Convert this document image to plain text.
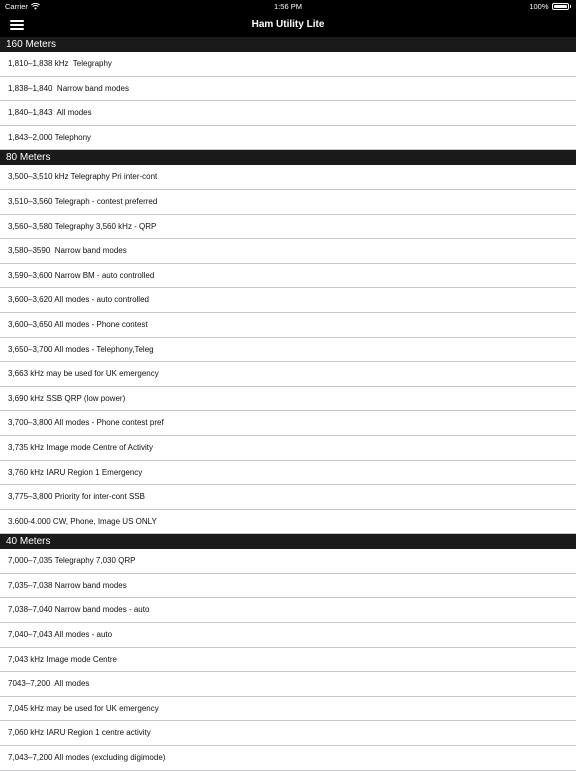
Carrier	1:56 PM	100%
Ham Utility Lite
160 Meters
1,810–1,838 kHz  Telegraphy
1,838–1,840  Narrow band modes
1,840–1,843  All modes
1,843–2,000 Telephony
80 Meters
3,500–3,510 kHz Telegraphy Pri inter-cont
3,510–3,560 Telegraph - contest preferred
3,560–3,580 Telegraphy 3,560 kHz - QRP
3,580–3590  Narrow band modes
3,590–3,600 Narrow BM - auto controlled
3,600–3,620 All modes - auto controlled
3,600–3,650 All modes - Phone contest
3,650–3,700 All modes - Telephony,Teleg
3,663 kHz may be used for UK emergency
3,690 kHz SSB QRP (low power)
3,700–3,800 All modes - Phone contest pref
3,735 kHz Image mode Centre of Activity
3,760 kHz IARU Region 1 Emergency
3,775–3,800 Priority for inter-cont SSB
3.600-4.000 CW, Phone, Image US ONLY
40 Meters
7,000–7,035 Telegraphy 7,030 QRP
7,035–7,038 Narrow band modes
7,038–7,040 Narrow band modes - auto
7,040–7,043 All modes - auto
7,043 kHz Image mode Centre
7043–7,200  All modes
7,045 kHz may be used for UK emergency
7,060 kHz IARU Region 1 centre activity
7,043–7,200 All modes (excluding digimode)
